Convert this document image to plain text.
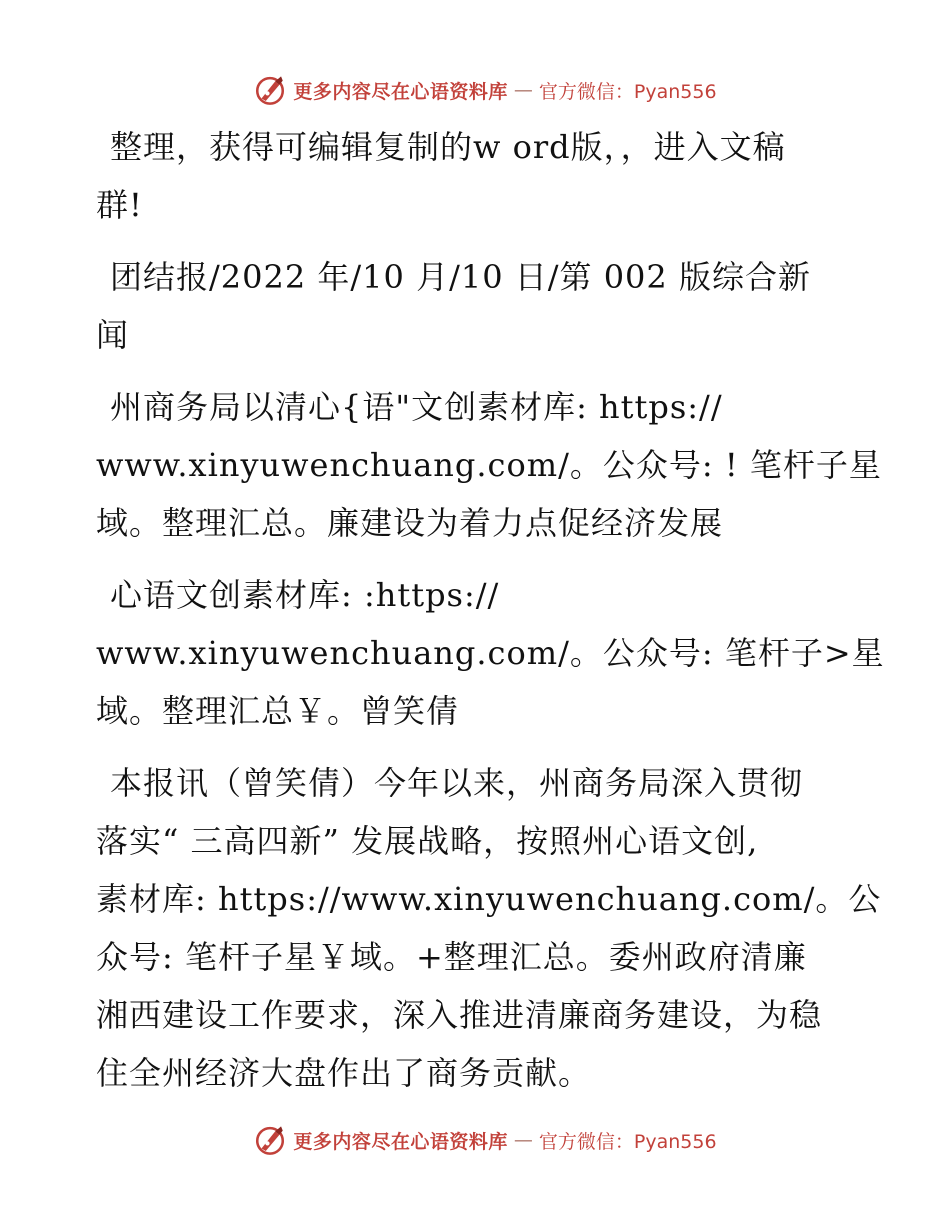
更多内容尽在心语资料库 — 官方微信：Pyan556

整理，获得可编辑复制的w ord版，，进入文稿
群!

团结报/2022 年/10 月/10 日/第 002 版综合新
闻

州商务局以清心{语"文创素材库: https://
www.xinyuwenchuang.com/。公众号: ! 笔杆子星
域。整理汇总。廉建设为着力点促经济发展

心语文创素材库: :https://
www.xinyuwenchuang.com/。公众号: 笔杆子>星
域。整理汇总￥。曾笑倩

本报讯（曾笑倩）今年以来，州商务局深入贯彻
落实“ 三高四新” 发展战略，按照州心语文创,
素材库: https://www.xinyuwenchuang.com/。公
众号: 笔杆子星￥域。+整理汇总。委州政府清廉
湘西建设工作要求，深入推进清廉商务建设，为稳
住全州经济大盘作出了商务贡献。

更多内容尽在心语资料库 — 官方微信：Pyan556
